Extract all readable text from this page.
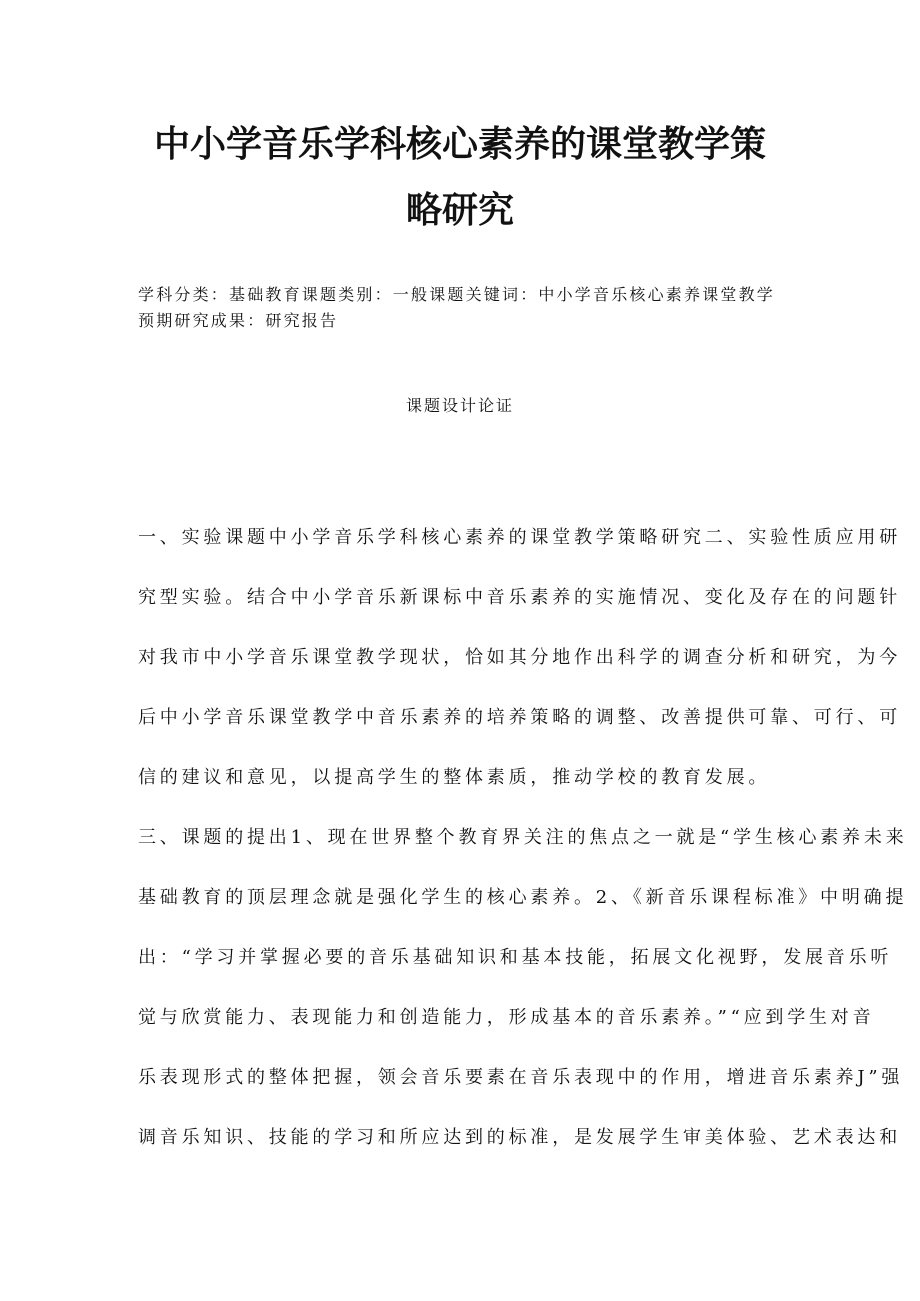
中小学音乐学科核心素养的课堂教学策
略研究

学科分类：基础教育课题类别：一般课题关键词：中小学音乐核心素养课堂教学

预期研究成果：研究报告

课题设计论证

一、实验课题中小学音乐学科核心素养的课堂教学策略研究二、实验性质应用研

究型实验。结合中小学音乐新课标中音乐素养的实施情况、变化及存在的问题针

对我市中小学音乐课堂教学现状，恰如其分地作出科学的调查分析和研究，为今

后中小学音乐课堂教学中音乐素养的培养策略的调整、改善提供可靠、可行、可

信的建议和意见，以提高学生的整体素质，推动学校的教育发展。

三、课题的提出1、现在世界整个教育界关注的焦点之一就是“学生核心素养未来

基础教育的顶层理念就是强化学生的核心素养。2、《新音乐课程标准》中明确提

出：“学习并掌握必要的音乐基础知识和基本技能，拓展文化视野，发展音乐听

觉与欣赏能力、表现能力和创造能力，形成基本的音乐素养。”“应到学生对音

乐表现形式的整体把握，领会音乐要素在音乐表现中的作用，增进音乐素养J”强

调音乐知识、技能的学习和所应达到的标准，是发展学生审美体验、艺术表达和
